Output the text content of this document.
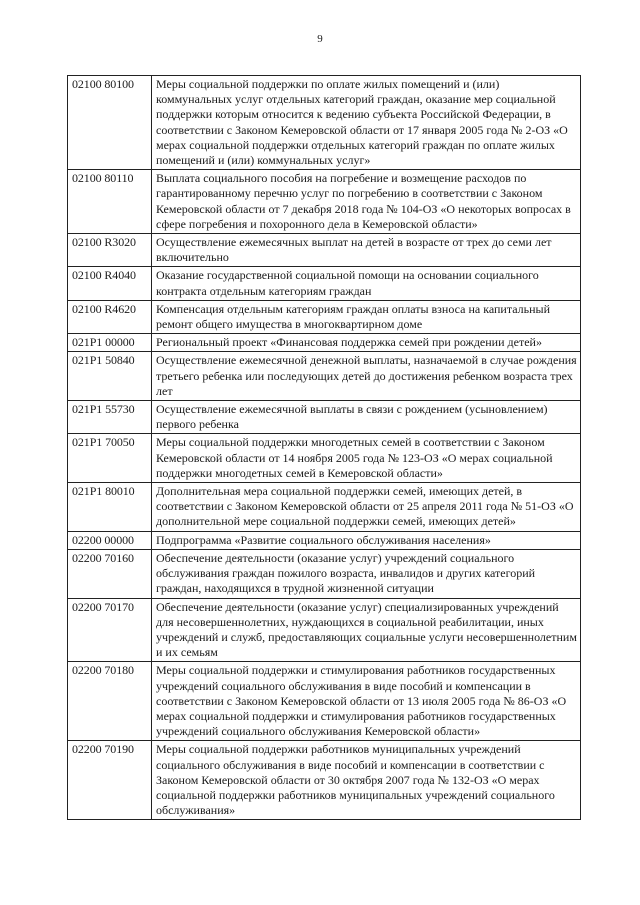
9
02100 80100	Меры социальной поддержки по оплате жилых помещений и (или) коммунальных услуг отдельных категорий граждан, оказание мер социальной поддержки которым относится к ведению субъекта Российской Федерации, в соответствии с Законом Кемеровской области от 17 января 2005 года № 2-ОЗ «О мерах социальной поддержки отдельных категорий граждан по оплате жилых помещений и (или) коммунальных услуг»
02100 80110	Выплата социального пособия на погребение и возмещение расходов по гарантированному перечню услуг по погребению в соответствии с Законом Кемеровской области от 7 декабря 2018 года № 104-ОЗ «О некоторых вопросах в сфере погребения и похоронного дела в Кемеровской области»
02100 R3020	Осуществление ежемесячных выплат на детей в возрасте от трех до семи лет включительно
02100 R4040	Оказание государственной социальной помощи на основании социального контракта отдельным категориям граждан
02100 R4620	Компенсация отдельным категориям граждан оплаты взноса на капитальный ремонт общего имущества в многоквартирном доме
021P1 00000	Региональный проект «Финансовая поддержка семей при рождении детей»
021P1 50840	Осуществление ежемесячной денежной выплаты, назначаемой в случае рождения третьего ребенка или последующих детей до достижения ребенком возраста трех лет
021P1 55730	Осуществление ежемесячной выплаты в связи с рождением (усыновлением) первого ребенка
021P1 70050	Меры социальной поддержки многодетных семей в соответствии с Законом Кемеровской области от 14 ноября 2005 года № 123-ОЗ «О мерах социальной поддержки многодетных семей в Кемеровской области»
021P1 80010	Дополнительная мера социальной поддержки семей, имеющих детей, в соответствии с Законом Кемеровской области от 25 апреля 2011 года № 51-ОЗ «О дополнительной мере социальной поддержки семей, имеющих детей»
02200 00000	Подпрограмма «Развитие социального обслуживания населения»
02200 70160	Обеспечение деятельности (оказание услуг) учреждений социального обслуживания граждан пожилого возраста, инвалидов и других категорий граждан, находящихся в трудной жизненной ситуации
02200 70170	Обеспечение деятельности (оказание услуг) специализированных учреждений для несовершеннолетних, нуждающихся в социальной реабилитации, иных учреждений и служб, предоставляющих социальные услуги несовершеннолетним и их семьям
02200 70180	Меры социальной поддержки и стимулирования работников государственных учреждений социального обслуживания в виде пособий и компенсации в соответствии с Законом Кемеровской области от 13 июля 2005 года № 86-ОЗ «О мерах социальной поддержки и стимулирования работников государственных учреждений социального обслуживания Кемеровской области»
02200 70190	Меры социальной поддержки работников муниципальных учреждений социального обслуживания в виде пособий и компенсации в соответствии с Законом Кемеровской области от 30 октября 2007 года № 132-ОЗ «О мерах социальной поддержки работников муниципальных учреждений социального обслуживания»
